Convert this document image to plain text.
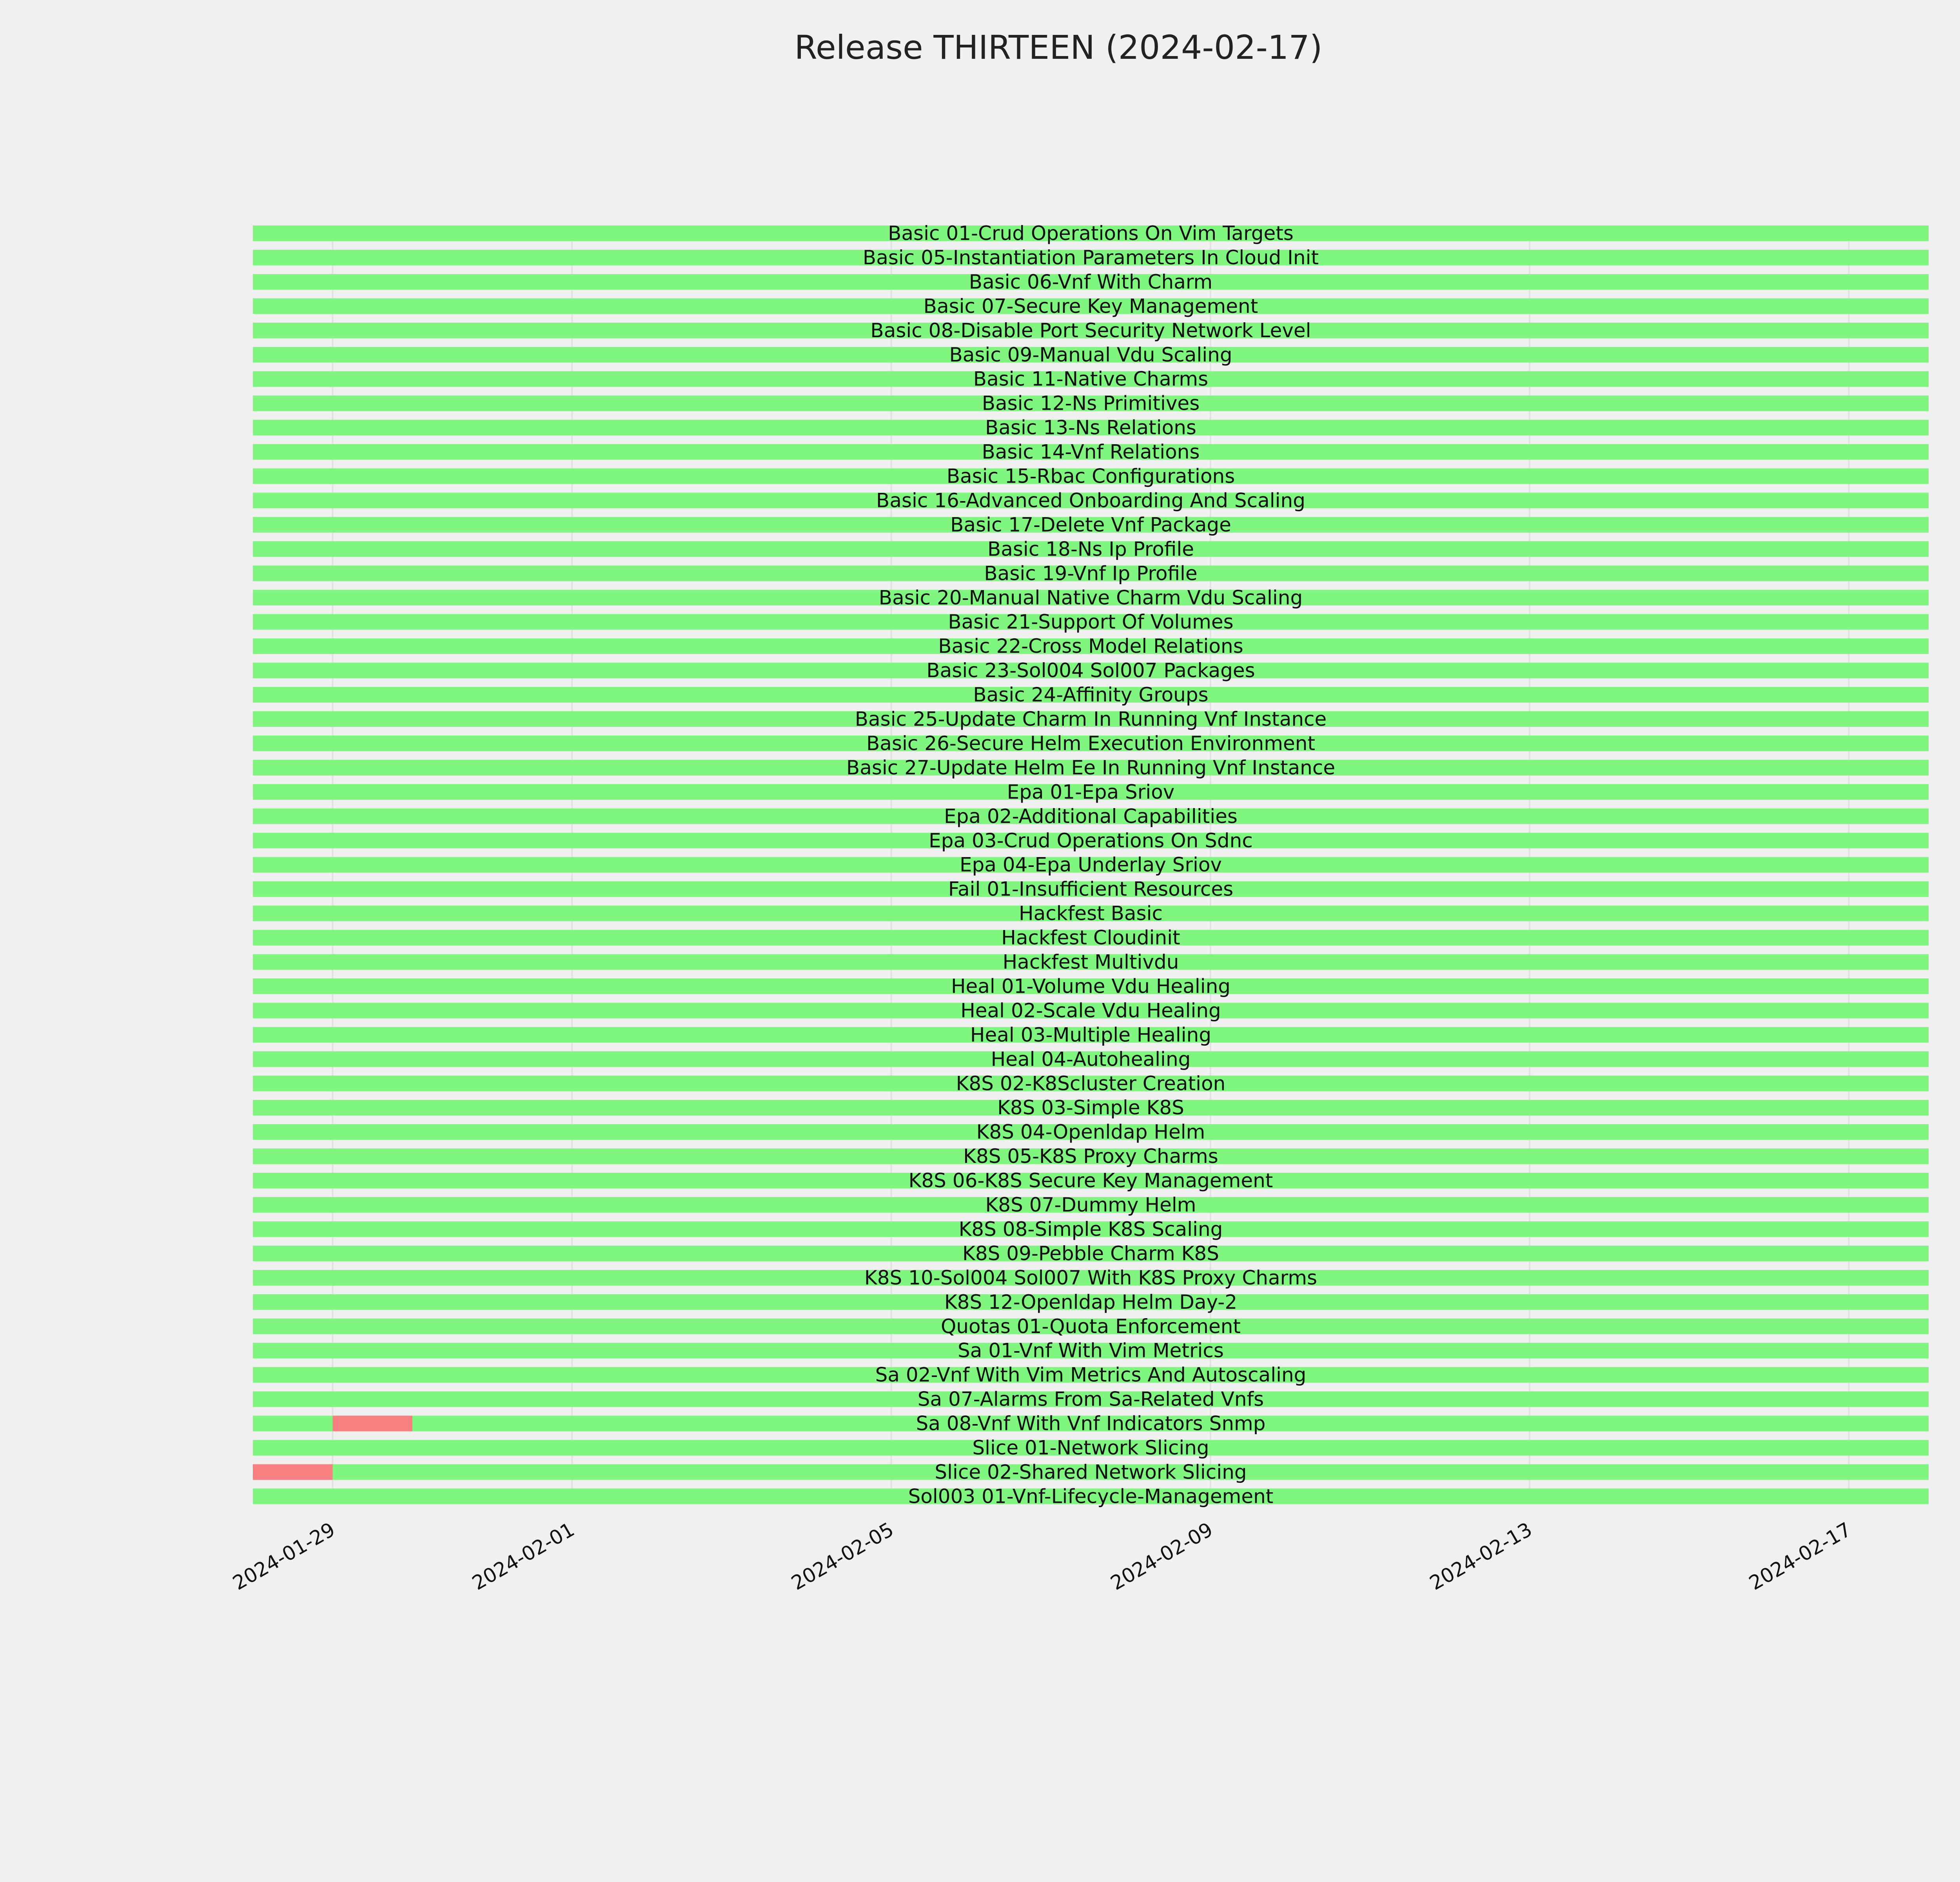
Release THIRTEEN (2024-02-17)
Basic 01-Crud Operations On Vim Targets
Basic 05-Instantiation Parameters In Cloud Init
Basic 06-Vnf With Charm
Basic 07-Secure Key Management
Basic 08-Disable Port Security Network Level
Basic 09-Manual Vdu Scaling
Basic 11-Native Charms
Basic 12-Ns Primitives
Basic 13-Ns Relations
Basic 14-Vnf Relations
Basic 15-Rbac Configurations
Basic 16-Advanced Onboarding And Scaling
Basic 17-Delete Vnf Package
Basic 18-Ns Ip Profile
Basic 19-Vnf Ip Profile
Basic 20-Manual Native Charm Vdu Scaling
Basic 21-Support Of Volumes
Basic 22-Cross Model Relations
Basic 23-Sol004 Sol007 Packages
Basic 24-Affinity Groups
Basic 25-Update Charm In Running Vnf Instance
Basic 26-Secure Helm Execution Environment
Basic 27-Update Helm Ee In Running Vnf Instance
Epa 01-Epa Sriov
Epa 02-Additional Capabilities
Epa 03-Crud Operations On Sdnc
Epa 04-Epa Underlay Sriov
Fail 01-Insufficient Resources
Hackfest Basic
Hackfest Cloudinit
Hackfest Multivdu
Heal 01-Volume Vdu Healing
Heal 02-Scale Vdu Healing
Heal 03-Multiple Healing
Heal 04-Autohealing
K8S 02-K8Scluster Creation
K8S 03-Simple K8S
K8S 04-Openldap Helm
K8S 05-K8S Proxy Charms
K8S 06-K8S Secure Key Management
K8S 07-Dummy Helm
K8S 08-Simple K8S Scaling
K8S 09-Pebble Charm K8S
K8S 10-Sol004 Sol007 With K8S Proxy Charms
K8S 12-Openldap Helm Day-2
Quotas 01-Quota Enforcement
Sa 01-Vnf With Vim Metrics
Sa 02-Vnf With Vim Metrics And Autoscaling
Sa 07-Alarms From Sa-Related Vnfs
Sa 08-Vnf With Vnf Indicators Snmp
Slice 01-Network Slicing
Slice 02-Shared Network Slicing
Sol003 01-Vnf-Lifecycle-Management
2024-01-29	2024-02-01	2024-02-05	2024-02-09	2024-02-13	2024-02-17
